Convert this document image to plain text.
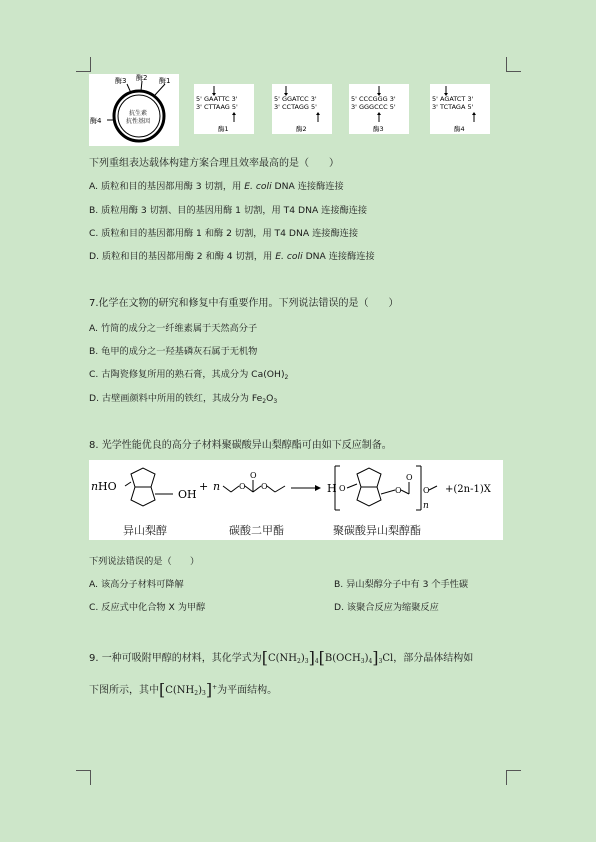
酶3 酶2 酶1
酶4
抗生素
抗性基因
5' GAATTC 3'
3' CTTAAG 5'
酶1
5' GGATCC 3'
3' CCTAGG 5'
酶2
5' CCCGGG 3'
3' GGGCCC 5'
酶3
5' AGATCT 3'
3' TCTAGA 5'
酶4
下列重组表达载体构建方案合理且效率最高的是（　　）
A. 质粒和目的基因都用酶 3 切割，用 E. coli DNA 连接酶连接
B. 质粒用酶 3 切割、目的基因用酶 1 切割，用 T4 DNA 连接酶连接
C. 质粒和目的基因都用酶 1 和酶 2 切割，用 T4 DNA 连接酶连接
D. 质粒和目的基因都用酶 2 和酶 4 切割，用 E. coli DNA 连接酶连接
7.化学在文物的研究和修复中有重要作用。下列说法错误的是（　　）
A. 竹简的成分之一纤维素属于天然高分子
B. 龟甲的成分之一羟基磷灰石属于无机物
C. 古陶瓷修复所用的熟石膏，其成分为 $Ca(OH)_2$
D. 古壁画颜料中所用的铁红，其成分为 $Fe_2O_3$
8. 光学性能优良的高分子材料聚碳酸异山梨醇酯可由如下反应制备。
n HO
OH
+ n	H
n
+(2n-1)X
O
O
O	O	O
O
O
异山梨醇	碳酸二甲酯	聚碳酸异山梨醇酯
下列说法错误的是（　　）
A. 该高分子材料可降解	B. 异山梨醇分子中有 3 个手性碳
C. 反应式中化合物 X 为甲醇	D. 该聚合反应为缩聚反应
9. 一种可吸附甲醇的材料，其化学式为$[C(NH_2)_3]_4[B(OCH_3)_4]_3Cl$，部分晶体结构如
下图所示，其中$[C(NH_2)_3]^+$为平面结构。
